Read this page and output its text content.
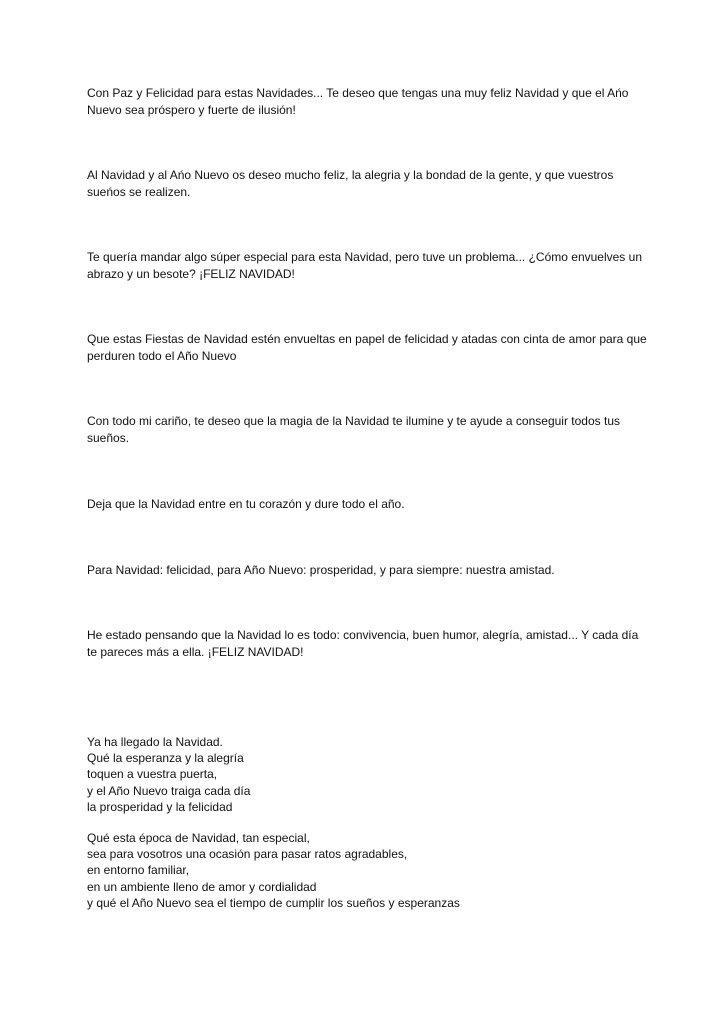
Con Paz y Felicidad para estas Navidades... Te deseo que tengas una muy feliz Navidad y que el Ańo Nuevo sea próspero y fuerte de ilusión!

Al Navidad y al Ańo Nuevo os deseo mucho feliz, la alegria y la bondad de la gente, y que vuestros sueńos se realizen.

Te quería mandar algo súper especial para esta Navidad, pero tuve un problema... ¿Cómo envuelves un abrazo y un besote? ¡FELIZ NAVIDAD!

Que estas Fiestas de Navidad estén envueltas en papel de felicidad y atadas con cinta de amor para que perduren todo el Año Nuevo

Con todo mi cariño, te deseo que la magia de la Navidad te ilumine y te ayude a conseguir todos tus sueños.

Deja que la Navidad entre en tu corazón y dure todo el año.

Para Navidad: felicidad, para Año Nuevo: prosperidad, y para siempre: nuestra amistad.

He estado pensando que la Navidad lo es todo: convivencia, buen humor, alegría, amistad... Y cada día te pareces más a ella. ¡FELIZ NAVIDAD!

Ya ha llegado la Navidad.
Qué la esperanza y la alegría
toquen a vuestra puerta,
y el Año Nuevo traiga cada día
la prosperidad y la felicidad
Qué esta época de Navidad, tan especial,
sea para vosotros una ocasión para pasar ratos agradables,
en entorno familiar,
en un ambiente lleno de amor y cordialidad
y qué el Año Nuevo sea el tiempo de cumplir los sueños y esperanzas
